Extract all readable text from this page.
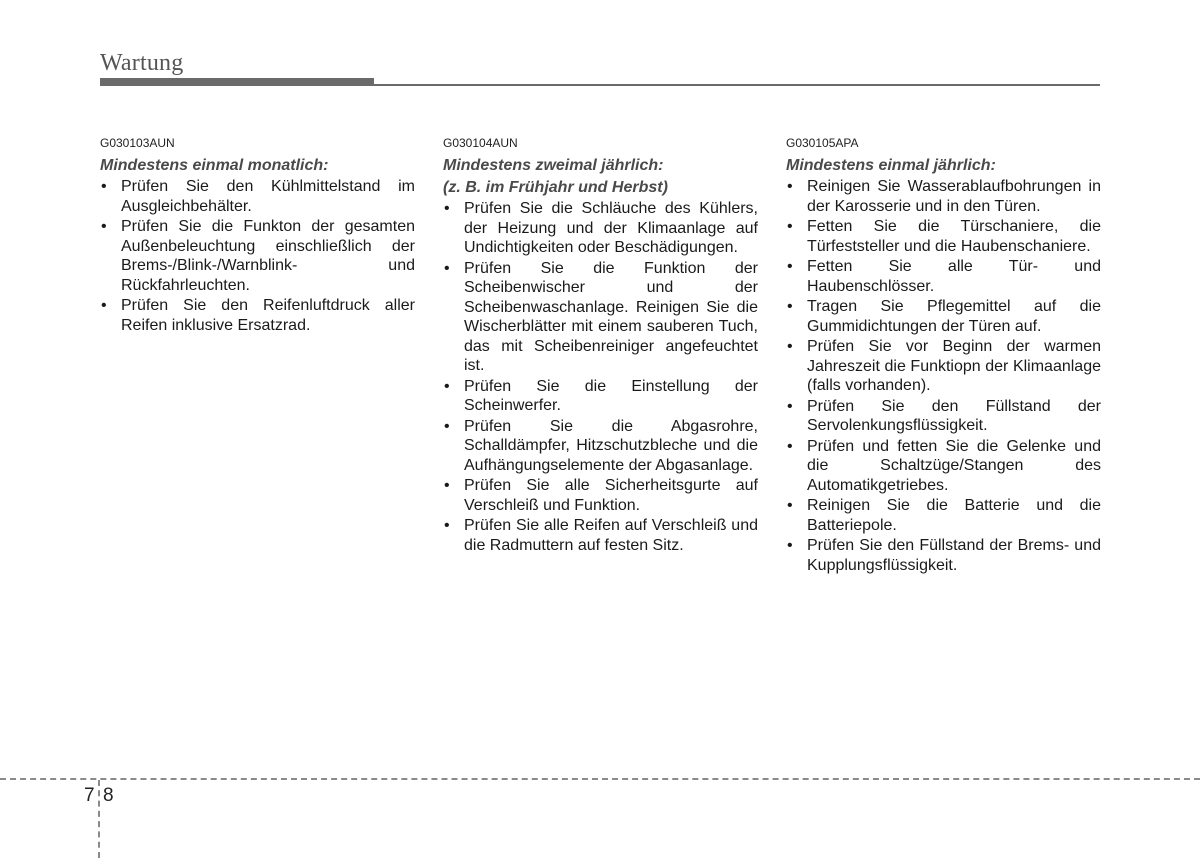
Wartung
G030103AUN
Mindestens einmal monatlich:
• Prüfen Sie den Kühlmittelstand im Ausgleichbehälter.
• Prüfen Sie die Funkton der gesamten Außenbeleuchtung einschließlich der Brems-/Blink-/Warnblink- und Rückfahrleuchten.
• Prüfen Sie den Reifenluftdruck aller Reifen inklusive Ersatzrad.
G030104AUN
Mindestens zweimal jährlich:
(z. B. im Frühjahr und Herbst)
• Prüfen Sie die Schläuche des Kühlers, der Heizung und der Klimaanlage auf Undichtigkeiten oder Beschädigungen.
• Prüfen Sie die Funktion der Scheibenwischer und der Scheibenwaschanlage. Reinigen Sie die Wischerblätter mit einem sauberen Tuch, das mit Scheibenreiniger angefeuchtet ist.
• Prüfen Sie die Einstellung der Scheinwerfer.
• Prüfen Sie die Abgasrohre, Schalldämpfer, Hitzschutzbleche und die Aufhängungselemente der Abgasanlage.
• Prüfen Sie alle Sicherheitsgurte auf Verschleiß und Funktion.
• Prüfen Sie alle Reifen auf Verschleiß und die Radmuttern auf festen Sitz.
G030105APA
Mindestens einmal jährlich:
• Reinigen Sie Wasserablaufbohrungen in der Karosserie und in den Türen.
• Fetten Sie die Türschaniere, die Türfeststeller und die Haubenschaniere.
• Fetten Sie alle Tür- und Haubenschlösser.
• Tragen Sie Pflegemittel auf die Gummidichtungen der Türen auf.
• Prüfen Sie vor Beginn der warmen Jahreszeit die Funktiopn der Klimaanlage (falls vorhanden).
• Prüfen Sie den Füllstand der Servolenkungsflüssigkeit.
• Prüfen und fetten Sie die Gelenke und die Schaltzüge/Stangen des Automatikgetriebes.
• Reinigen Sie die Batterie und die Batteriepole.
• Prüfen Sie den Füllstand der Brems- und Kupplungsflüssigkeit.
7 8
